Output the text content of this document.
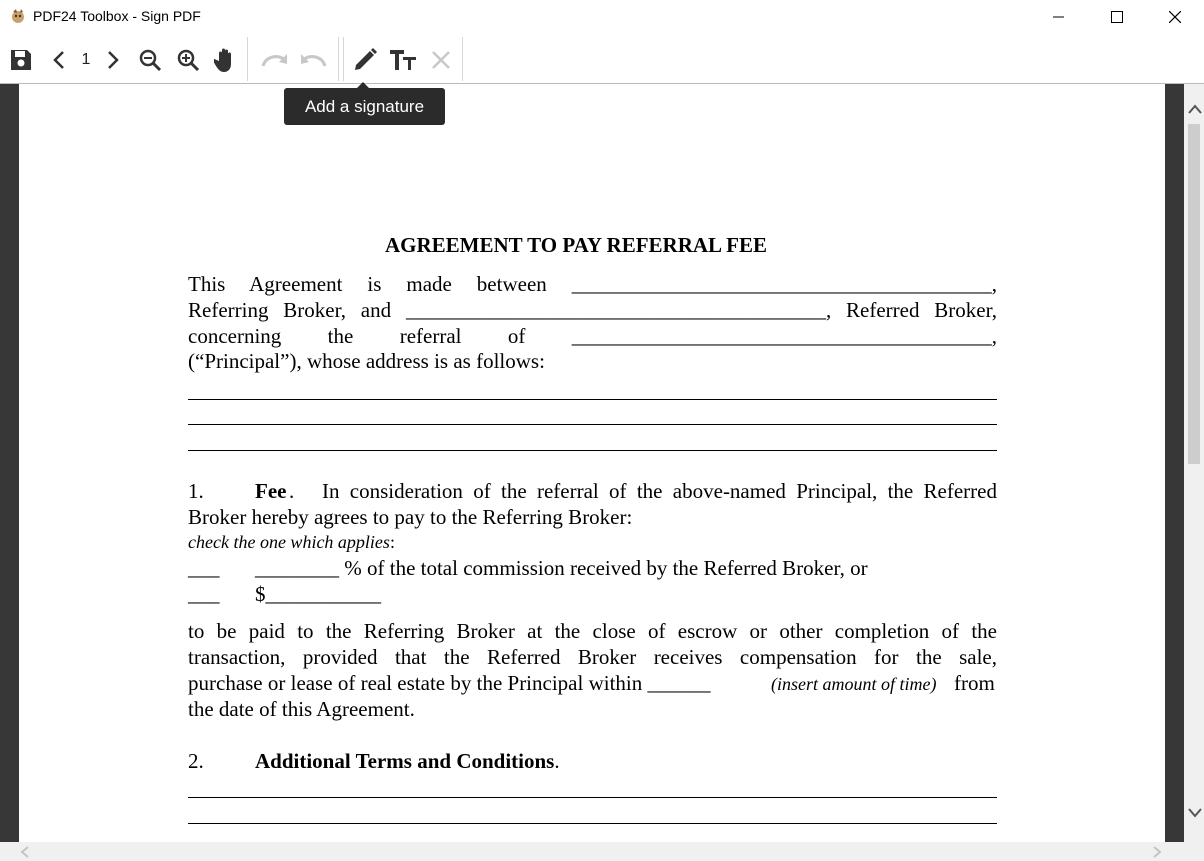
PDF24 Toolbox - Sign PDF
1
Add a signature
AGREEMENT TO PAY REFERRAL FEE
This  Agreement  is  made  between  ________________________________________,
Referring Broker, and ________________________________________, Referred Broker,
concerning  the  referral  of  ________________________________________,
(“Principal”), whose address is as follows:
1. Fee . In consideration of the referral of the above-named Principal, the Referred
Broker hereby agrees to pay to the Referring Broker:
check the one which applies:
___ ________ % of the total commission received by the Referred Broker, or
___ $___________
to be paid to the Referring Broker at the close of escrow or other completion of the
transaction, provided that the Referred Broker receives compensation for the sale,
purchase or lease of real estate by the Principal within ______	(insert amount of time) from
the date of this Agreement.
2. Additional Terms and Conditions.
